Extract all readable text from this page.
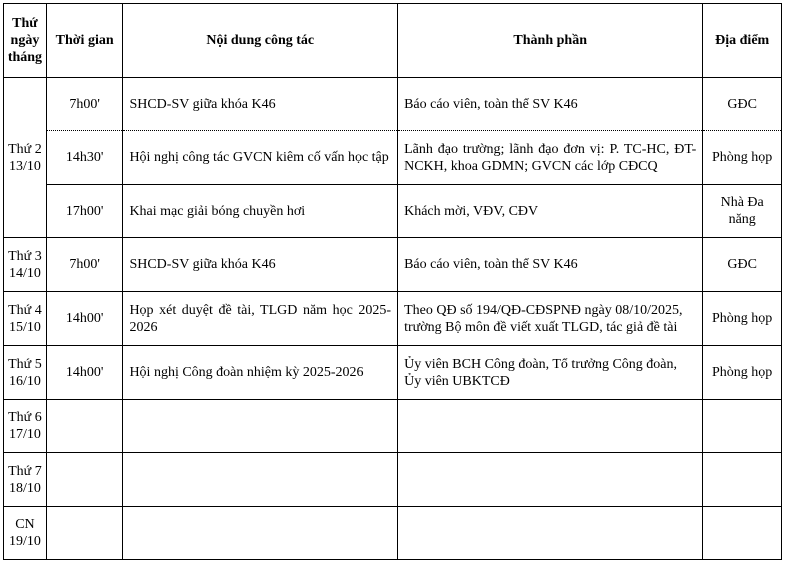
Thứ ngày tháng	Thời gian	Nội dung công tác	Thành phần	Địa điểm
Thứ 2 13/10	7h00'	SHCD-SV giữa khóa K46	Báo cáo viên, toàn thể SV K46	GĐC
	14h30'	Hội nghị công tác GVCN kiêm cố vấn học tập	Lãnh đạo trường; lãnh đạo đơn vị: P. TC-HC, ĐT-NCKH, khoa GDMN; GVCN các lớp CĐCQ	Phòng họp
	17h00'	Khai mạc giải bóng chuyền hơi	Khách mời, VĐV, CĐV	Nhà Đa năng
Thứ 3 14/10	7h00'	SHCD-SV giữa khóa K46	Báo cáo viên, toàn thể SV K46	GĐC
Thứ 4 15/10	14h00'	Họp xét duyệt đề tài, TLGD năm học 2025-2026	Theo QĐ số 194/QĐ-CĐSPNĐ ngày 08/10/2025, trường Bộ môn đề viết xuất TLGD, tác giả đề tài	Phòng họp
Thứ 5 16/10	14h00'	Hội nghị Công đoàn nhiệm kỳ 2025-2026	Ủy viên BCH Công đoàn, Tổ trưởng Công đoàn, Ủy viên UBKTCĐ	Phòng họp
Thứ 6 17/10				
Thứ 7 18/10				
CN 19/10				
